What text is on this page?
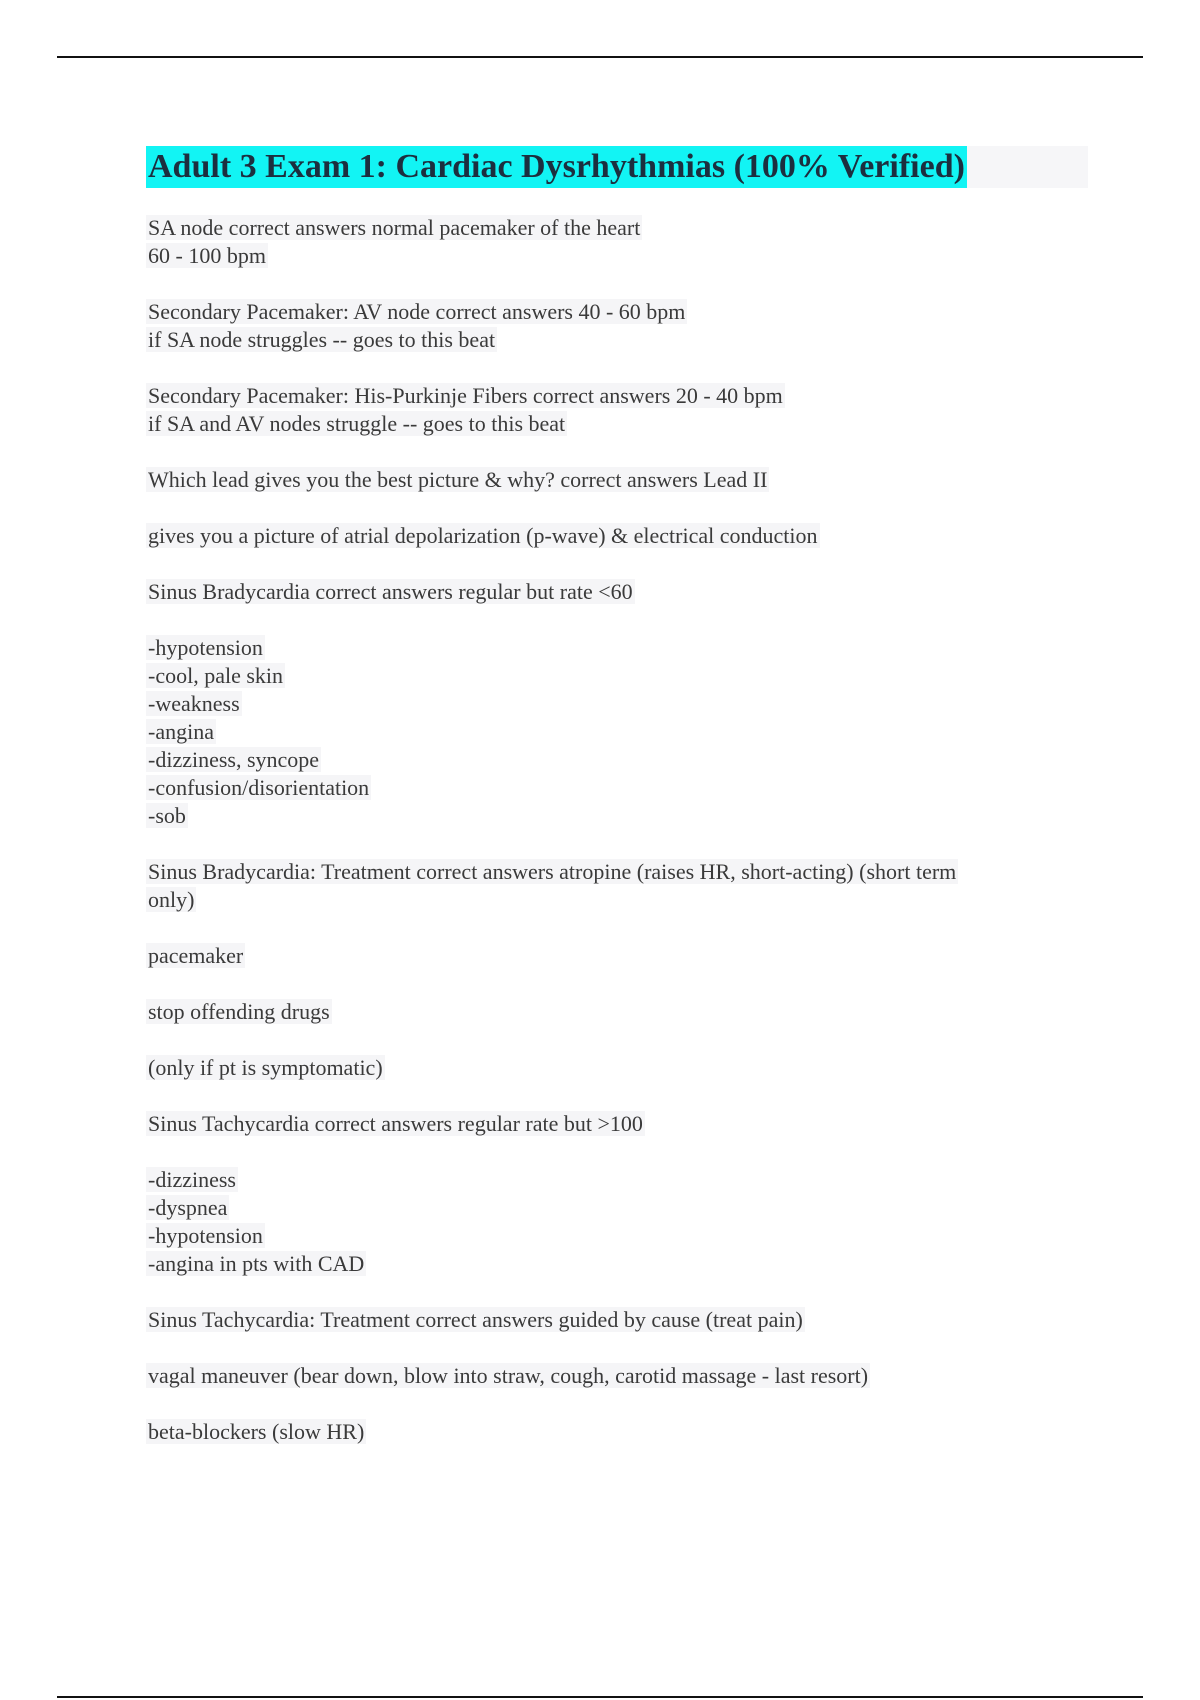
Adult 3 Exam 1: Cardiac Dysrhythmias (100% Verified)
SA node correct answers normal pacemaker of the heart
60 - 100 bpm
Secondary Pacemaker: AV node correct answers 40 - 60 bpm
if SA node struggles -- goes to this beat
Secondary Pacemaker: His-Purkinje Fibers correct answers 20 - 40 bpm
if SA and AV nodes struggle -- goes to this beat
Which lead gives you the best picture & why? correct answers Lead II
gives you a picture of atrial depolarization (p-wave) & electrical conduction
Sinus Bradycardia correct answers regular but rate <60
-hypotension
-cool, pale skin
-weakness
-angina
-dizziness, syncope
-confusion/disorientation
-sob
Sinus Bradycardia: Treatment correct answers atropine (raises HR, short-acting) (short term
only)
pacemaker
stop offending drugs
(only if pt is symptomatic)
Sinus Tachycardia correct answers regular rate but >100
-dizziness
-dyspnea
-hypotension
-angina in pts with CAD
Sinus Tachycardia: Treatment correct answers guided by cause (treat pain)
vagal maneuver (bear down, blow into straw, cough, carotid massage - last resort)
beta-blockers (slow HR)
